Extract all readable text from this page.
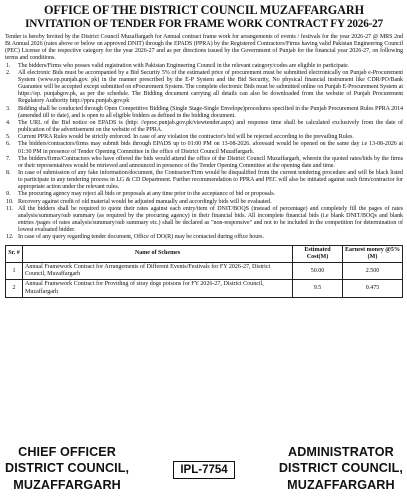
OFFICE OF THE DISTRICT COUNCIL MUZAFFARGARH
INVITATION OF TENDER FOR FRAME WORK CONTRACT FY 2026-27

Tender is hereby Invited by the District Council Muzaffargarh for Annual contract frame work for arrangements of events / festivals for the year 2026-27 @ MRS 2nd Bi Annual 2026 (rates above or below on approved DNIT) through the EPADS (PPRA) by the Registered Contractors/Firms having valid Pakistan Engineering Council (PEC) License of the respective category for the year 2026-27 and as per directions issued by the Government of Punjab for the financial year 2026-27, on following terms and conditions.

1. The bidders/Firms who posses valid registration with Pakistan Engineering Council in the relevant category/codes are eligible to participate.
2. All electronic Bids must be accompanied by a Bid Security 5% of the estimated price of procurement must be submitted electronically on Punjab e-Procurement System (www.ep.punjab.gov. pk) in the manner prescribed by the E-P System and the Bid Security, No physical financial instrument like CDR/PO/Bank Guarantee will be accepted except submitted on ePocurement System. The complete electronic Bids must be submitted online on Punjab E-Procurement System at https://ep. punjabgov.pk, as per the schedule. The Bidding document carrying all details can also be downloaded from the website of Punjab Procurement Regulatory Authority http://ppra.punjab.gov.pk
3. Bidding shall be conducted through Open Competitive Bidding (Single Stage-Single Envelope)procedures specified in the Punjab Procurement Rules PPRA 2014 (amended till to date), and is open to all eligible bidders as defined in the bidding document.
4. The URL of the Bid notice on EPADS is (http: //eproc.punjab.gov.pk/viewtender.aspx) and response time shall be calculated exclusively from the date of publication of the advertisement on the website of the PPRA.
5. Current PPRA Rules would be strictly enforced. In case of any violation the contractor's bid will be rejected according to the prevailing Rules.
6. The bidders/contractors/firms may submit bids through EPADS up to 01:00 PM on 13-08-2026. aforesaid would be opened on the same day i.e 13-08-2026 at 01:30 PM in presence of Tender Opening Committee in the office of District Council Muzaffargarh.
7. The bidders/firms/Contractors who have offered the bids would attend the office of the District Council Muzaffargarh, wherein the quoted rates/bids by the firms or their representatives would be retrieved and announced in presence of the Tender Opening Committee at the opening date and time.
8. In case of submission of any fake information/document, the Contractor/Firm would be disqualified from the current tendering procedure and will be black listed to participate in any tendering process in LG & CD Department. Further recommendation to PPRA and PEC will also be initiated against such firm/contractor for appropriate action under the relevant rules.
9. The procuring agency may reject all bids or proposals at any time prior to the acceptance of bid or proposals.
10. Recovery against credit of old material would be adjusted manually and accordingly bids will be evaluated.
11. All the bidders shall be required to quote their rates against each entry/item of DNIT/BOQS (instead of percentage) and completely fill the pages of rates analysis/summary/sub summary (as required by the procuring agency) in their financial bids. All incomplete financial bids (i.e blank DNIT/BOQs and blank entries /pages of rates analysis/summary/sub summary etc.) shall be declared as "non-responsive" and not to be included in the competition for determination of lowest evaluated bidder.
12. In case of any query regarding tender document, Office of DO(R) may be contacted during office hours.
Sr. #	Name of Schemes	Estimated Cost(M)	Earnest money @5%(M)
1	Annual Framework Contract for Arrangements of Different Events/Festivals for FY 2026-27, District Council, Muzaffargarh	50.00	2.500
2	Annual Framework Contract for Providing of stray dogs poisons for FY 2026-27, District Council, Muzaffargarh	9.5	0.475
CHIEF OFFICER
DISTRICT COUNCIL,
MUZAFFARGARH
IPL-7754
ADMINISTRATOR
DISTRICT COUNCIL,
MUZAFFARGARH
